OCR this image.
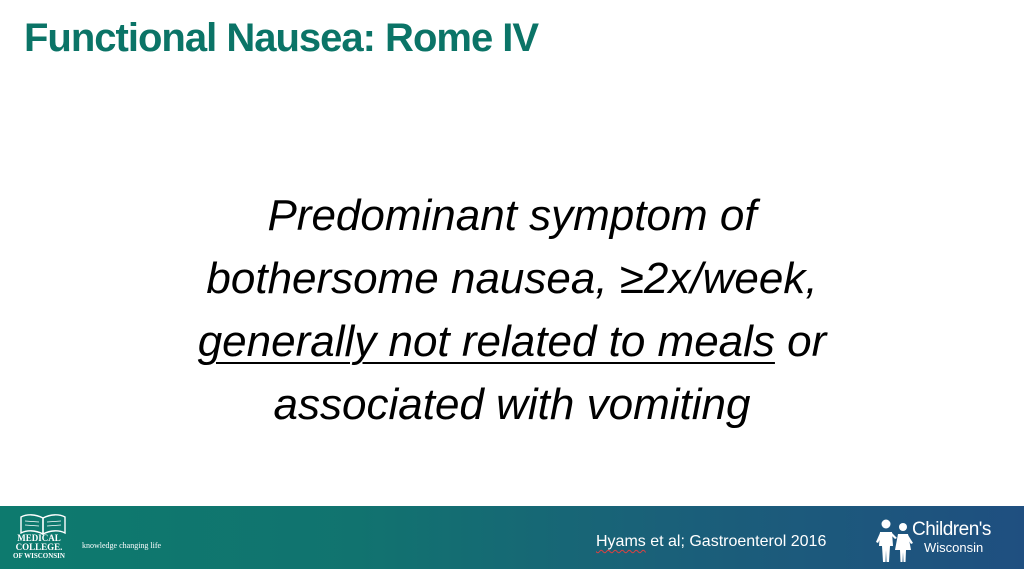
Functional Nausea: Rome IV
Predominant symptom of
bothersome nausea, ≥2x/week,
generally not related to meals or
associated with vomiting
MEDICAL
COLLEGE.
OF WISCONSIN
knowledge changing life	Hyams et al; Gastroenterol 2016
Children's
Wisconsin
